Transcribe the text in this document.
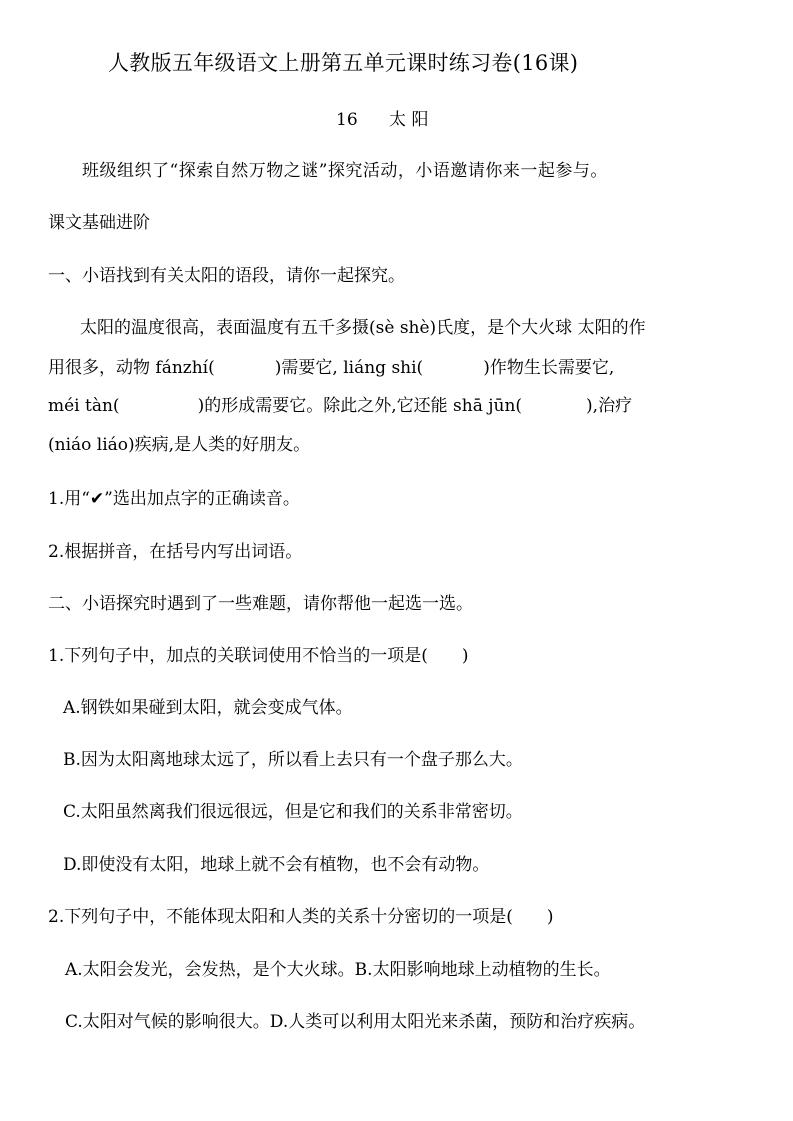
人教版五年级语文上册第五单元课时练习卷(16课)
16 太 阳
班级组织了“探索自然万物之谜”探究活动，小语邀请你来一起参与。
课文基础进阶
一、小语找到有关太阳的语段，请你一起探究。
太阳的温度很高，表面温度有五千多摄(sè shè)氏度，是个大火球 太阳的作
用很多，动物 fánzhí(	)需要它, liáng shi(	)作物生长需要它,
méi tàn(	)的形成需要它。除此之外,它还能 shā jūn(	),治疗
(niáo liáo)疾病,是人类的好朋友。
1.用“✔”选出加点字的正确读音。
2.根据拼音，在括号内写出词语。
二、小语探究时遇到了一些难题，请你帮他一起选一选。
1.下列句子中，加点的关联词使用不恰当的一项是(　　)
A.钢铁如果碰到太阳，就会变成气体。
B.因为太阳离地球太远了，所以看上去只有一个盘子那么大。
C.太阳虽然离我们很远很远，但是它和我们的关系非常密切。
D.即使没有太阳，地球上就不会有植物，也不会有动物。
2.下列句子中，不能体现太阳和人类的关系十分密切的一项是(　　)
A.太阳会发光，会发热，是个大火球。B.太阳影响地球上动植物的生长。
C.太阳对气候的影响很大。D.人类可以利用太阳光来杀菌，预防和治疗疾病。
